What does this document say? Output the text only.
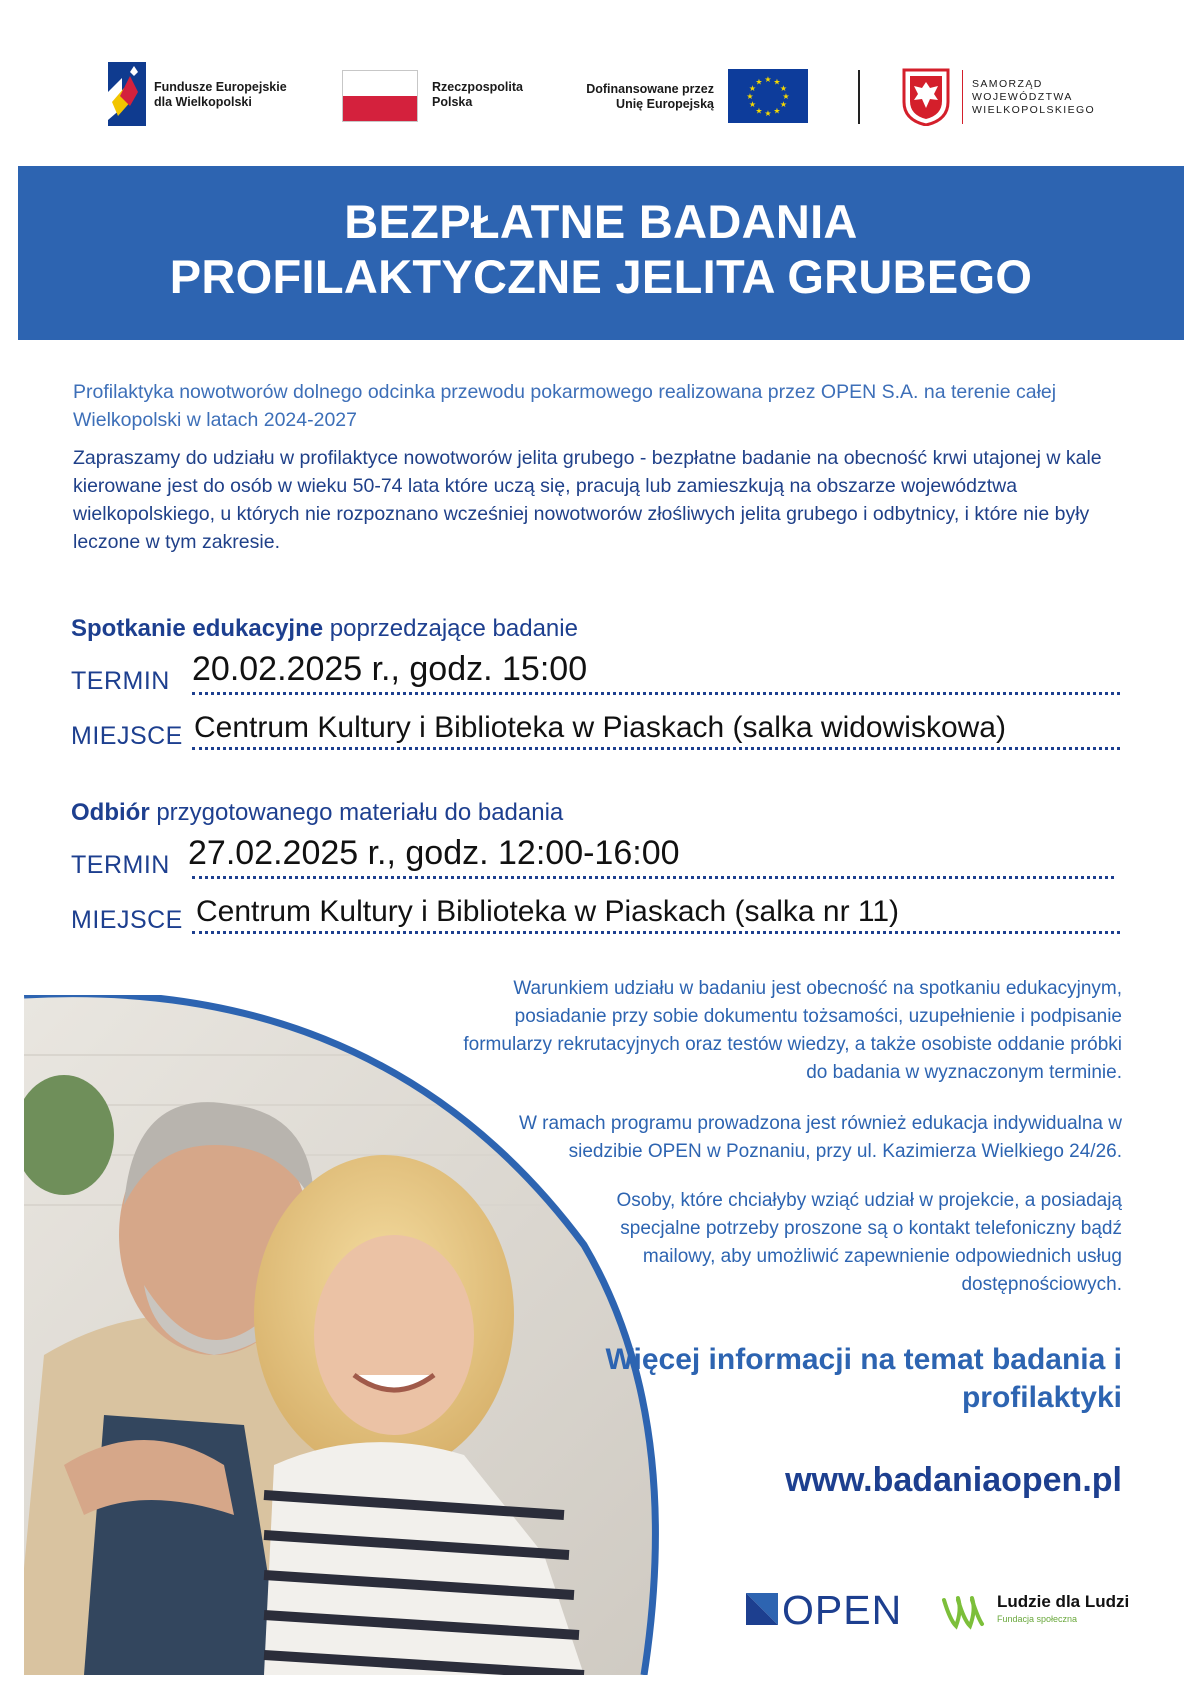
Fundusze Europejskie
dla Wielkopolski
Rzeczpospolita
Polska
Dofinansowane przez
Unię Europejską
★ ★
★
★
★
★
★
★
★
★
★
★	SAMORZĄD
WOJEWÓDZTWA
WIELKOPOLSKIEGO
BEZPŁATNE BADANIA
PROFILAKTYCZNE JELITA GRUBEGO
Profilaktyka nowotworów dolnego odcinka przewodu pokarmowego realizowana przez OPEN S.A. na terenie całej Wielkopolski w latach 2024-2027
Zapraszamy do udziału w profilaktyce nowotworów jelita grubego - bezpłatne badanie na obecność krwi utajonej w kale kierowane jest do osób w wieku 50-74 lata które uczą się, pracują lub zamieszkują na obszarze województwa wielkopolskiego, u których nie rozpoznano wcześniej nowotworów złośliwych jelita grubego i odbytnicy, i które nie były leczone w tym zakresie.
Spotkanie edukacyjne poprzedzające badanie
TERMIN 20.02.2025 r., godz. 15:00
MIEJSCE Centrum Kultury i Biblioteka w Piaskach (salka widowiskowa)
Odbiór przygotowanego materiału do badania
TERMIN 27.02.2025 r., godz. 12:00-16:00
MIEJSCE Centrum Kultury i Biblioteka w Piaskach (salka nr 11)
Warunkiem udziału w badaniu jest obecność na spotkaniu edukacyjnym, posiadanie przy sobie dokumentu tożsamości, uzupełnienie i podpisanie formularzy rekrutacyjnych oraz testów wiedzy, a także osobiste oddanie próbki do badania w wyznaczonym terminie.
W ramach programu prowadzona jest również edukacja indywidualna w siedzibie OPEN w Poznaniu, przy ul. Kazimierza Wielkiego 24/26.
Osoby, które chciałyby wziąć udział w projekcie, a posiadają specjalne potrzeby proszone są o kontakt telefoniczny bądź mailowy, aby umożliwić zapewnienie odpowiednich usług dostępnościowych.
Więcej informacji na temat badania i profilaktyki
www.badaniaopen.pl
OPEN	Ludzie dla Ludzi
Fundacja społeczna
